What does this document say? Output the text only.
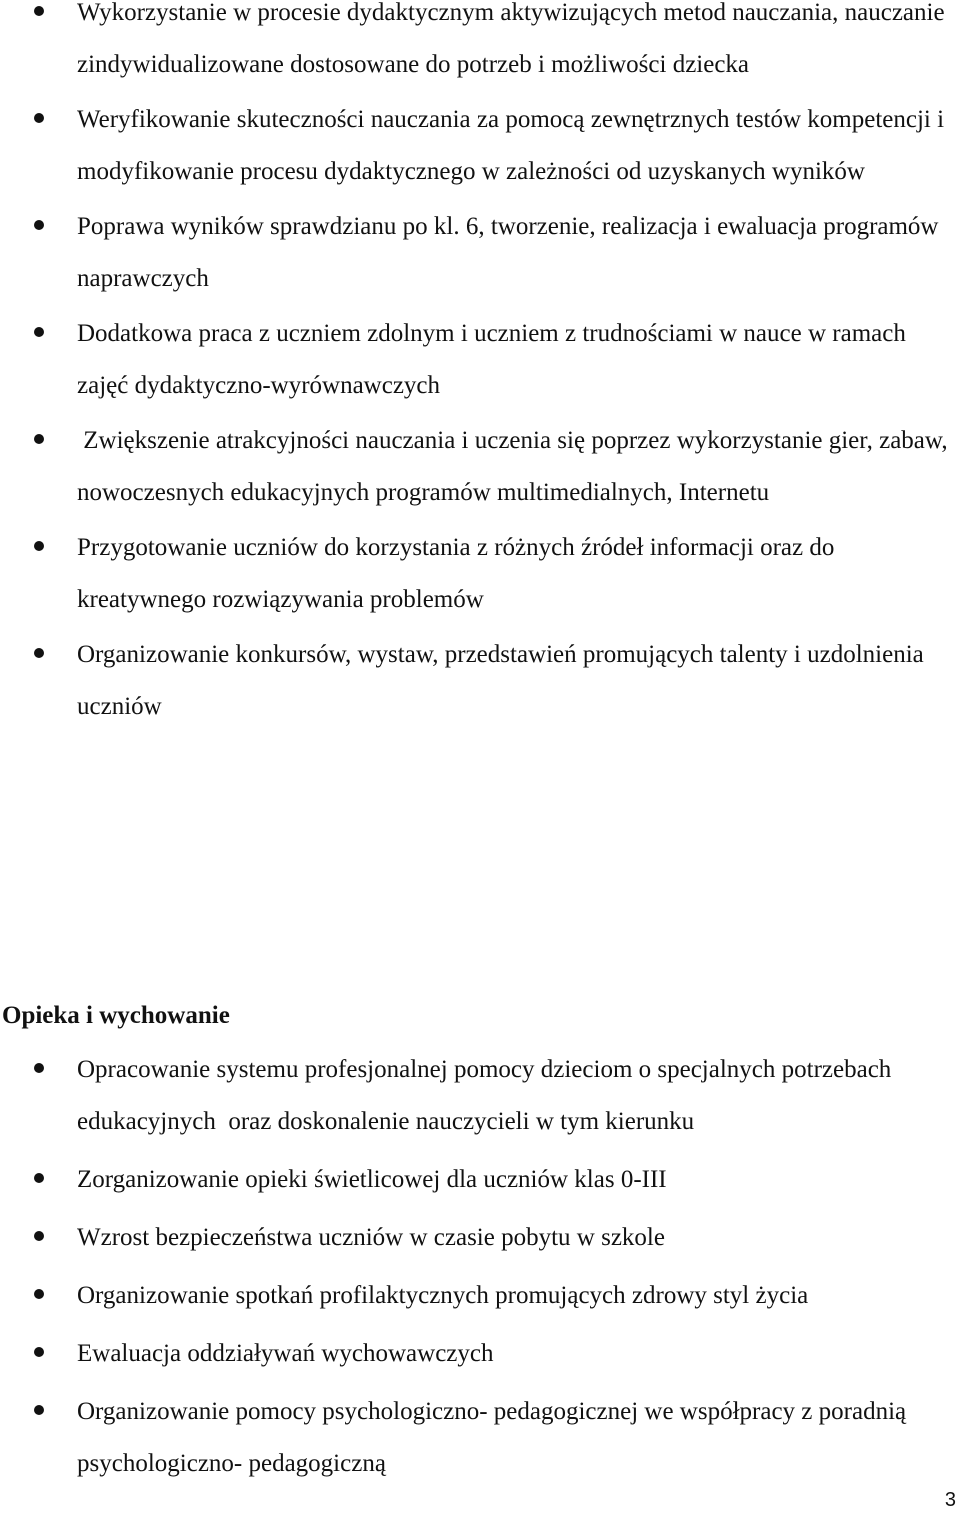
Wykorzystanie w procesie dydaktycznym aktywizujących metod nauczania, nauczanie zindywidualizowane dostosowane do potrzeb i możliwości dziecka
Weryfikowanie skuteczności nauczania za pomocą zewnętrznych testów kompetencji i modyfikowanie procesu dydaktycznego w zależności od uzyskanych wyników
Poprawa wyników sprawdzianu po kl. 6, tworzenie, realizacja i ewaluacja programów naprawczych
Dodatkowa praca z uczniem zdolnym i uczniem z trudnościami w nauce w ramach zajęć dydaktyczno-wyrównawczych
Zwiększenie atrakcyjności nauczania i uczenia się poprzez wykorzystanie gier, zabaw, nowoczesnych edukacyjnych programów multimedialnych, Internetu
Przygotowanie uczniów do korzystania z różnych źródeł informacji oraz do kreatywnego rozwiązywania problemów
Organizowanie konkursów, wystaw, przedstawień promujących talenty i uzdolnienia uczniów
Opieka i wychowanie
Opracowanie systemu profesjonalnej pomocy dzieciom o specjalnych potrzebach edukacyjnych  oraz doskonalenie nauczycieli w tym kierunku
Zorganizowanie opieki świetlicowej dla uczniów klas 0-III
Wzrost bezpieczeństwa uczniów w czasie pobytu w szkole
Organizowanie spotkań profilaktycznych promujących zdrowy styl życia
Ewaluacja oddziaływań wychowawczych
Organizowanie pomocy psychologiczno- pedagogicznej we współpracy z poradnią psychologiczno- pedagogiczną
3
